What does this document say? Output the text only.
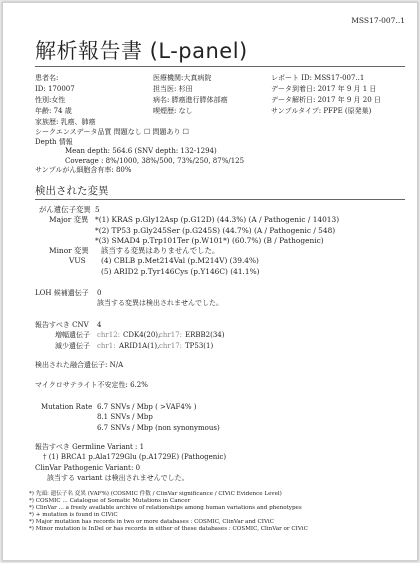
MSS17-007..1
解析報告書 (L-panel)
患者名:
ID: 170007
性別:女性
年齢: 74 歳
家族歴: 乳癌、肺癌
医療機関:大真病院
担当医: 杉田
病名: 膵癌進行膵体部癌
喫煙歴: なし
レポート ID: MSS17-007..1
データ到着日: 2017 年 9 月 1 日
データ解析日: 2017 年 9 月 20 日
サンプルタイプ: PFPE (原発巣)
シークエンスデータ品質 問題なし ☐ 問題あり ☐
Depth 情報
Mean depth: 564.6 (SNV depth: 132-1294)
Coverage : 8%/1000, 38%/500, 73%/250, 87%/125
サンプルがん細胞含有率: 80%
検出された変異
がん遺伝子変異 5
Major 変異 *(1) KRAS p.Gly12Asp (p.G12D) (44.3%) (A / Pathogenic / 14013)
*(2) TP53 p.Gly245Ser (p.G245S) (44.7%) (A / Pathogenic / 548)
*(3) SMAD4 p.Trp101Ter (p.W101*) (60.7%) (B / Pathogenic)
Minor 変異 該当する変異はありませんでした。
VUS (4) CBLB p.Met214Val (p.M214V) (39.4%)
(5) ARID2 p.Tyr146Cys (p.Y146C) (41.1%)
LOH 候補遺伝子 0
該当する変異は検出されませんでした。
報告すべき CNV 4
増幅遺伝子 chr12: CDK4(20),
chr17: ERBB2(34)
減少遺伝子 chr1: ARID1A(1), chr17: TP53(1)
検出された融合遺伝子: N/A
マイクロサテライト不安定性: 6.2%
Mutation Rate 6.7 SNVs / Mbp ( >VAF4% )
8.1 SNVs / Mbp
6.7 SNVs / Mbp (non synonymous)
報告すべき Germline Variant : 1
† (1) BRCA1 p.Ala1729Glu (p.A1729E) (Pathogenic)
ClinVar Pathogenic Variant : 0
該当する variant は検出されませんでした。
*) 先頭: 遺伝子名 変異 (VAF%) (COSMIC 件数 / ClinVar significance / CIViC Evidence Level)
*) COSMIC ... Catalogue of Somatic Mutations in Cancer
*) ClinVar ... a freely available archive of relationships among human variations and phenotypes
*) + mutation is found in CIViC
*) Major mutation has records in two or more databases : COSMIC, ClinVar and CIViC
*) Minor mutation is InDel or has records in either of these databases : COSMIC, ClinVar or CIViC
